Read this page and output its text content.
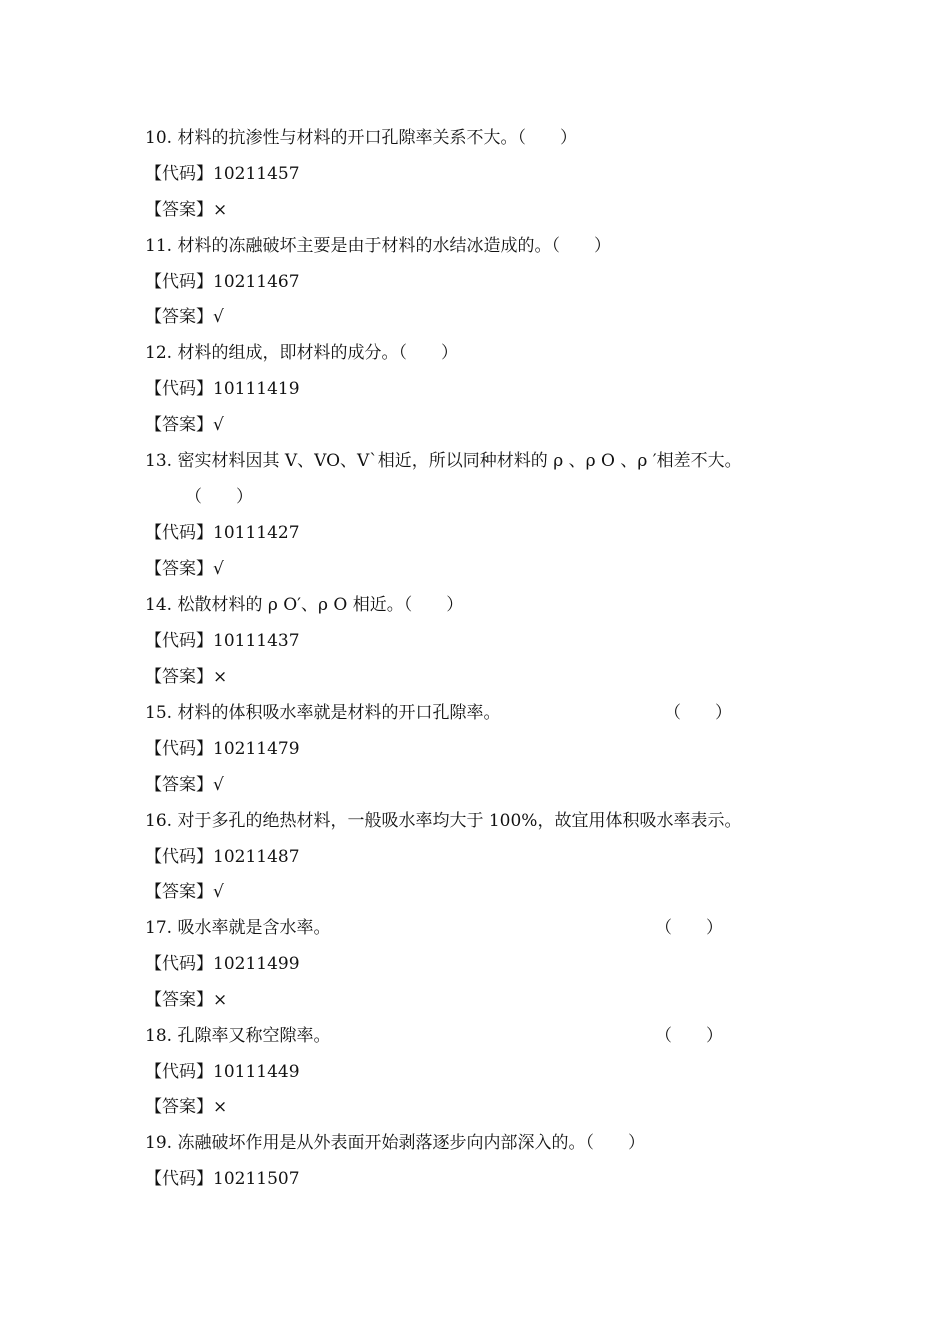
10. 材料的抗渗性与材料的开口孔隙率关系不大。（　　）
【代码】10211457
【答案】×
11. 材料的冻融破坏主要是由于材料的水结冰造成的。（　　）
【代码】10211467
【答案】√
12. 材料的组成，即材料的成分。（　　）
【代码】10111419
【答案】√
13. 密实材料因其 V、VO、V`相近，所以同种材料的 ρ 、ρ O 、ρ ′相差不大。
（　　）
【代码】10111427
【答案】√
14. 松散材料的 ρ O′、ρ O 相近。（　　）
【代码】10111437
【答案】×
15. 材料的体积吸水率就是材料的开口孔隙率。	（　　）
【代码】10211479
【答案】√
16. 对于多孔的绝热材料，一般吸水率均大于 100%，故宜用体积吸水率表示。
【代码】10211487
【答案】√
17. 吸水率就是含水率。	（　　）
【代码】10211499
【答案】×
18. 孔隙率又称空隙率。	（　　）
【代码】10111449
【答案】×
19. 冻融破坏作用是从外表面开始剥落逐步向内部深入的。（　　）
【代码】10211507
